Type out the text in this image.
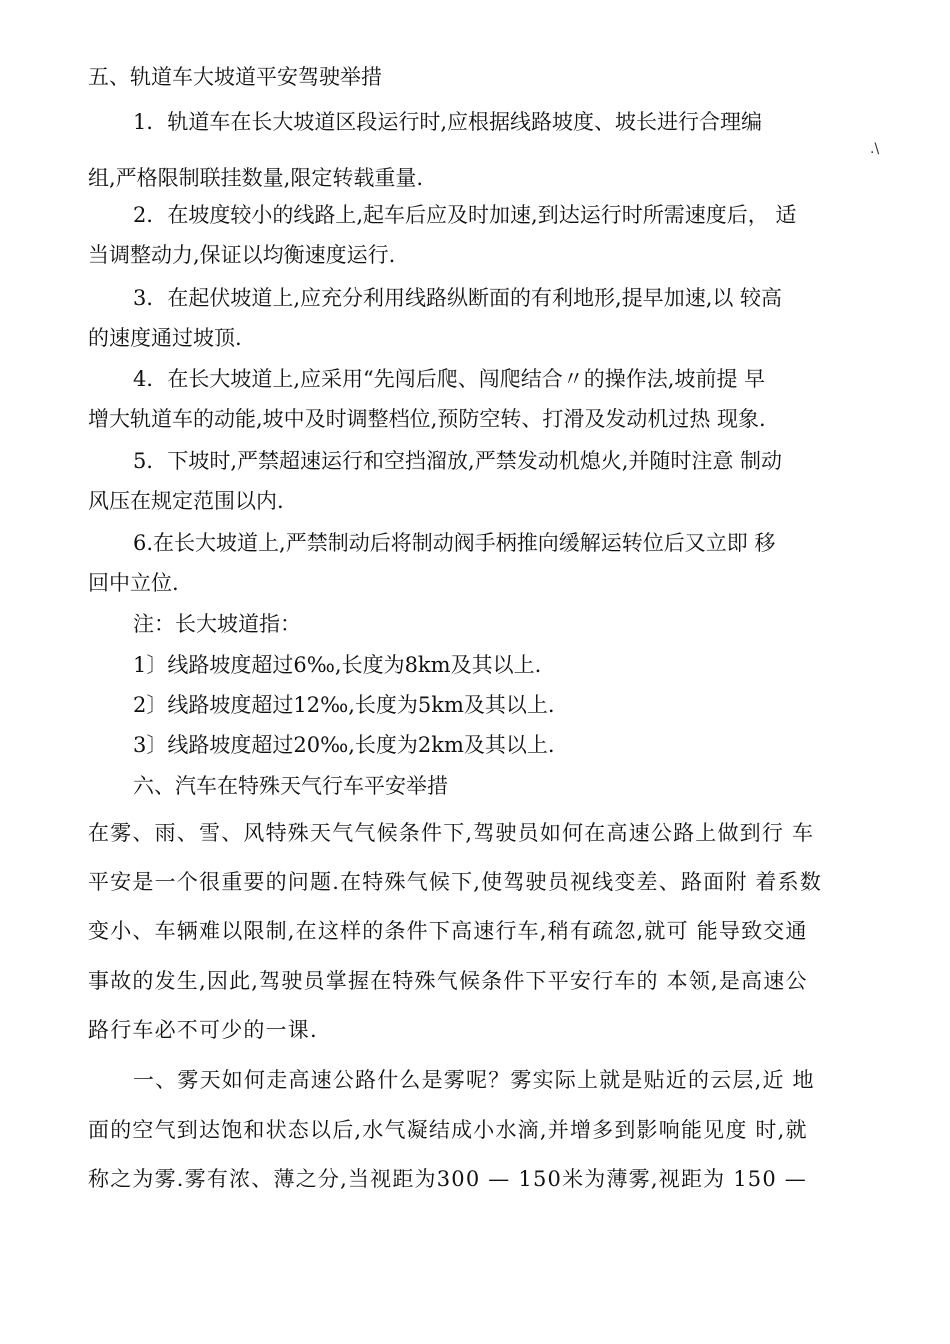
五、轨道车大坡道平安驾驶举措
1．轨道车在长大坡道区段运行时,应根据线路坡度、坡长进行合理编
.\
组,严格限制联挂数量,限定转载重量.
2．在坡度较小的线路上,起车后应及时加速,到达运行时所需速度后， 适
当调整动力,保证以均衡速度运行.
3．在起伏坡道上,应充分利用线路纵断面的有利地形,提早加速,以 较高
的速度通过坡顶.
4．在长大坡道上,应采用“先闯后爬、闯爬结合〃的操作法,坡前提 早
增大轨道车的动能,坡中及时调整档位,预防空转、打滑及发动机过热 现象.
5．下坡时,严禁超速运行和空挡溜放,严禁发动机熄火,并随时注意 制动
风压在规定范围以内.
6.在长大坡道上,严禁制动后将制动阀手柄推向缓解运转位后又立即 移
回中立位.
注：长大坡道指：
1〕线路坡度超过6‰,长度为8km及其以上.
2〕线路坡度超过12‰,长度为5km及其以上.
3〕线路坡度超过20‰,长度为2km及其以上.
六、汽车在特殊天气行车平安举措
在雾、雨、雪、风特殊天气气候条件下,驾驶员如何在高速公路上做到行 车
平安是一个很重要的问题.在特殊气候下,使驾驶员视线变差、路面附 着系数
变小、车辆难以限制,在这样的条件下高速行车,稍有疏忽,就可 能导致交通
事故的发生,因此,驾驶员掌握在特殊气候条件下平安行车的 本领,是高速公
路行车必不可少的一课.
一、雾天如何走高速公路什么是雾呢？雾实际上就是贴近的云层,近 地
面的空气到达饱和状态以后,水气凝结成小水滴,并增多到影响能见度 时,就
称之为雾.雾有浓、薄之分,当视距为300 — 150米为薄雾,视距为 150 —
